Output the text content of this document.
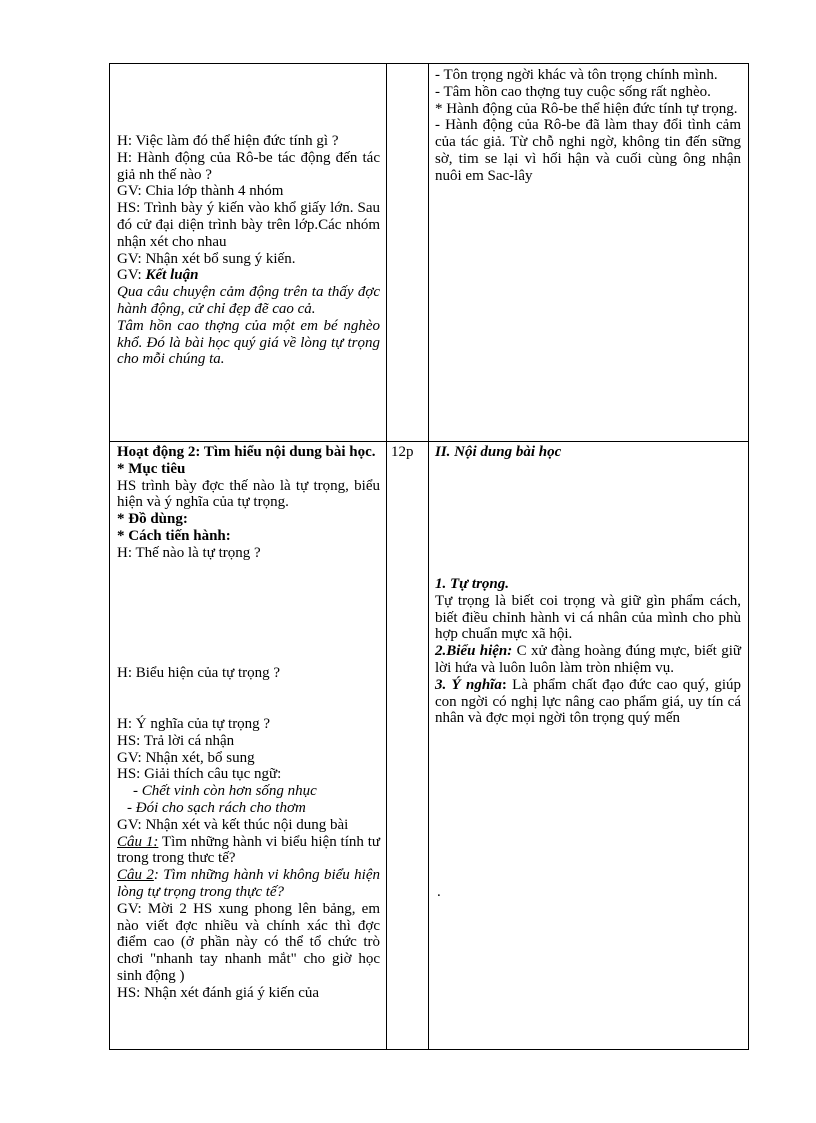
H: Việc làm đó thể hiện đức tính gì ?

H: Hành động của Rô-be tác động đến tác giả nh thế nào ?

GV: Chia lớp thành 4 nhóm

HS: Trình bày ý kiến vào khổ giấy lớn. Sau đó cử đại diện trình bày trên lớp.Các nhóm nhận xét cho nhau

GV: Nhận xét bổ sung ý kiến.

GV: Kết luận

Qua câu chuyện cảm động trên ta thấy đợc hành động, cử chỉ đẹp đẽ cao cả.

Tâm hồn cao thợng của một em bé nghèo khổ. Đó là bài học quý giá về lòng tự trọng cho mỗi chúng ta.

- Tôn trọng ngời khác và tôn trọng chính mình.

- Tâm hồn cao thợng tuy cuộc sống rất nghèo.

* Hành động của Rô-be thể hiện đức tính tự trọng.

- Hành động của Rô-be đã làm thay đổi tình cảm của tác giả. Từ chỗ nghi ngờ, không tin đến sững sờ, tim se lại vì hối hận và cuối cùng ông nhận nuôi em Sac-lây

12p

Hoạt động 2: Tìm hiểu nội dung bài học.

* Mục tiêu

HS trình bày đợc thế nào là tự trọng, biểu hiện và ý nghĩa của tự trọng.

* Đồ dùng:

* Cách tiến hành:

H: Thế nào là tự trọng ?

H: Biểu hiện của tự trọng ?

H: Ý nghĩa của tự trọng ?

HS: Trả lời cá nhận

GV: Nhận xét, bổ sung

HS: Giải thích câu tục ngữ:

- Chết vinh còn hơn sống nhục

- Đói cho sạch rách cho thơm

GV: Nhận xét và kết thúc nội dung bài

Câu 1: Tìm những hành vi biểu hiện tính tư trong trong thưc tế?

Câu 2: Tìm những hành vi không biểu hiện lòng tự trọng trong thực tế?

GV: Mời 2 HS xung phong lên bảng, em nào viết đợc nhiều và chính xác thì đợc điểm cao (ở phần này có thể tổ chức trò chơi "nhanh tay nhanh mắt" cho giờ học sinh động )

HS: Nhận xét đánh giá ý kiến của

II. Nội dung bài học

1. Tự trọng.

Tự trọng là biết coi trọng và giữ gìn phẩm cách, biết điều chỉnh hành vi cá nhân của mình cho phù hợp chuẩn mực xã hội.

2.Biểu hiện: C xử đàng hoàng đúng mực, biết giữ lời hứa và luôn luôn làm tròn nhiệm vụ.

3. Ý nghĩa: Là phẩm chất đạo đức cao quý, giúp con ngời có nghị lực nâng cao phẩm giá, uy tín cá nhân và đợc mọi ngời tôn trọng quý mến

.
